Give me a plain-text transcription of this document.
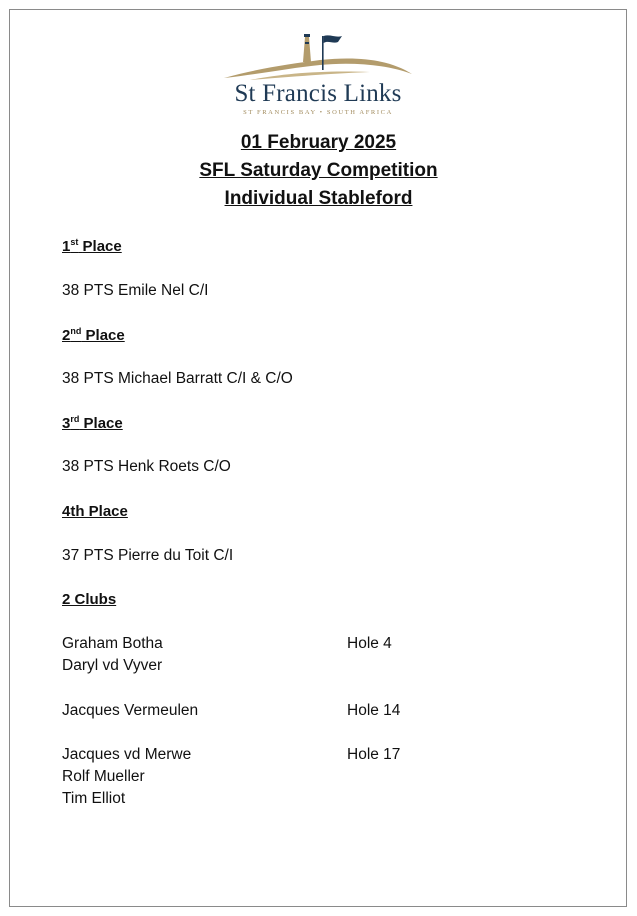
St Francis Links
ST FRANCIS BAY • SOUTH AFRICA
01 February 2025
SFL Saturday Competition
Individual Stableford
1st Place
38 PTS Emile Nel C/I
2nd Place
38 PTS Michael Barratt C/I & C/O
3rd Place
38 PTS Henk Roets C/O
4th Place
37 PTS Pierre du Toit C/I
2 Clubs
Graham Botha	Hole 4
Daryl vd Vyver
Jacques Vermeulen	Hole 14
Jacques vd Merwe	Hole 17
Rolf Mueller
Tim Elliot
